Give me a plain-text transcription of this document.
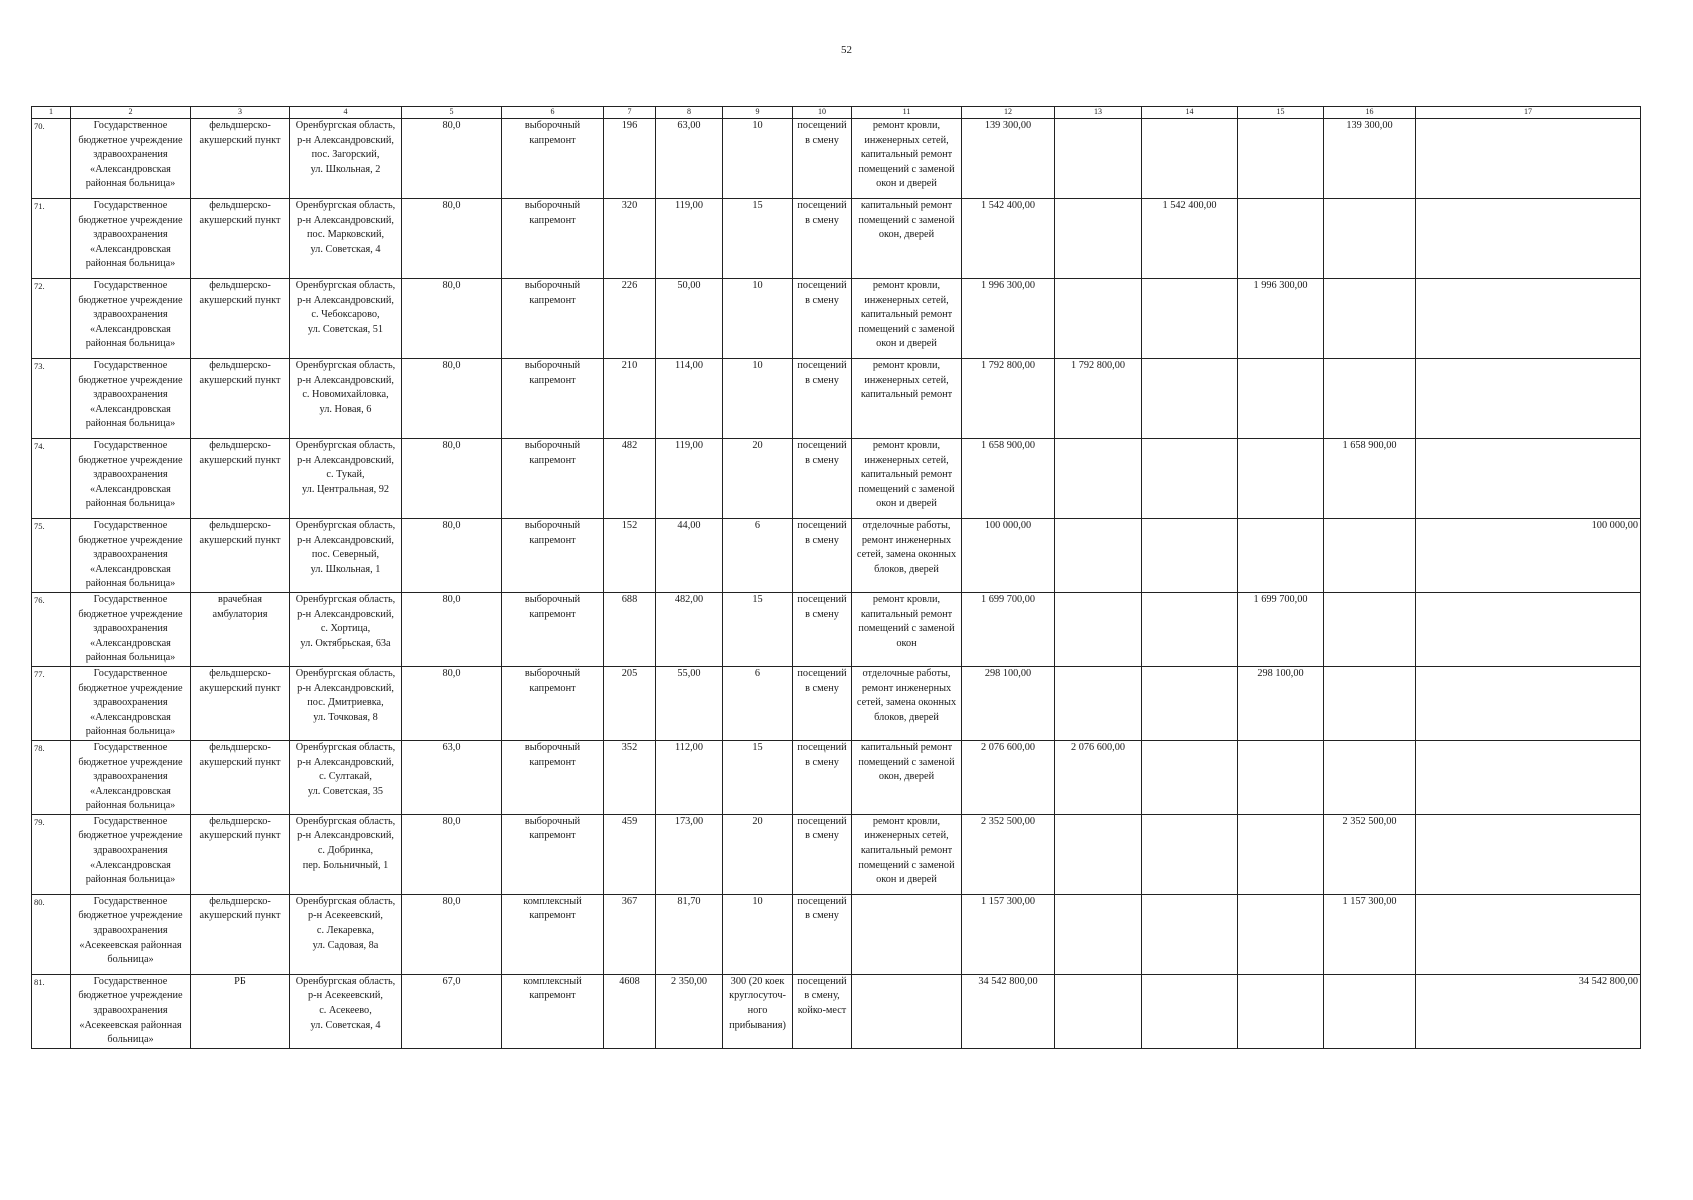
52
1	2	3	4	5	6	7	8	9	10	11	12	13	14	15	16	17
70.	Государственное
бюджетное учреждение
здравоохранения
«Александровская
районная больница»	фельдшерско-
акушерский пункт	Оренбургская область,
р-н Александровский,
пос. Загорский,
ул. Школьная, 2	80,0	выборочный
капремонт	196	63,00	10	посещений
в смену	ремонт кровли,
инженерных сетей,
капитальный ремонт
помещений с заменой
окон и дверей	139 300,00				139 300,00	
71.	Государственное
бюджетное учреждение
здравоохранения
«Александровская
районная больница»	фельдшерско-
акушерский пункт	Оренбургская область,
р-н Александровский,
пос. Марковский,
ул. Советская, 4	80,0	выборочный
капремонт	320	119,00	15	посещений
в смену	капитальный ремонт
помещений с заменой
окон, дверей	1 542 400,00		1 542 400,00			
72.	Государственное
бюджетное учреждение
здравоохранения
«Александровская
районная больница»	фельдшерско-
акушерский пункт	Оренбургская область,
р-н Александровский,
с. Чебоксарово,
ул. Советская, 51	80,0	выборочный
капремонт	226	50,00	10	посещений
в смену	ремонт кровли,
инженерных сетей,
капитальный ремонт
помещений с заменой
окон и дверей	1 996 300,00			1 996 300,00		
73.	Государственное
бюджетное учреждение
здравоохранения
«Александровская
районная больница»	фельдшерско-
акушерский пункт	Оренбургская область,
р-н Александровский,
с. Новомихайловка,
ул. Новая, 6	80,0	выборочный
капремонт	210	114,00	10	посещений
в смену	ремонт кровли,
инженерных сетей,
капитальный ремонт	1 792 800,00	1 792 800,00				
74.	Государственное
бюджетное учреждение
здравоохранения
«Александровская
районная больница»	фельдшерско-
акушерский пункт	Оренбургская область,
р-н Александровский,
с. Тукай,
ул. Центральная, 92	80,0	выборочный
капремонт	482	119,00	20	посещений
в смену	ремонт кровли,
инженерных сетей,
капитальный ремонт
помещений с заменой
окон и дверей	1 658 900,00				1 658 900,00	
75.	Государственное
бюджетное учреждение
здравоохранения
«Александровская
районная больница»	фельдшерско-
акушерский пункт	Оренбургская область,
р-н Александровский,
пос. Северный,
ул. Школьная, 1	80,0	выборочный
капремонт	152	44,00	6	посещений
в смену	отделочные работы,
ремонт инженерных
сетей, замена оконных
блоков, дверей	100 000,00					100 000,00
76.	Государственное
бюджетное учреждение
здравоохранения
«Александровская
районная больница»	врачебная
амбулатория	Оренбургская область,
р-н Александровский,
с. Хортица,
ул. Октябрьская, 63а	80,0	выборочный
капремонт	688	482,00	15	посещений
в смену	ремонт кровли,
капитальный ремонт
помещений с заменой
окон	1 699 700,00			1 699 700,00		
77.	Государственное
бюджетное учреждение
здравоохранения
«Александровская
районная больница»	фельдшерско-
акушерский пункт	Оренбургская область,
р-н Александровский,
пос. Дмитриевка,
ул. Точковая, 8	80,0	выборочный
капремонт	205	55,00	6	посещений
в смену	отделочные работы,
ремонт инженерных
сетей, замена оконных
блоков, дверей	298 100,00			298 100,00		
78.	Государственное
бюджетное учреждение
здравоохранения
«Александровская
районная больница»	фельдшерско-
акушерский пункт	Оренбургская область,
р-н Александровский,
с. Султакай,
ул. Советская, 35	63,0	выборочный
капремонт	352	112,00	15	посещений
в смену	капитальный ремонт
помещений с заменой
окон, дверей	2 076 600,00	2 076 600,00				
79.	Государственное
бюджетное учреждение
здравоохранения
«Александровская
районная больница»	фельдшерско-
акушерский пункт	Оренбургская область,
р-н Александровский,
с. Добринка,
пер. Больничный, 1	80,0	выборочный
капремонт	459	173,00	20	посещений
в смену	ремонт кровли,
инженерных сетей,
капитальный ремонт
помещений с заменой
окон и дверей	2 352 500,00				2 352 500,00	
80.	Государственное
бюджетное учреждение
здравоохранения
«Асекеевская районная
больница»	фельдшерско-
акушерский пункт	Оренбургская область,
р-н Асекеевский,
с. Лекаревка,
ул. Садовая, 8а	80,0	комплексный
капремонт	367	81,70	10	посещений
в смену		1 157 300,00				1 157 300,00	
81.	Государственное
бюджетное учреждение
здравоохранения
«Асекеевская районная
больница»	РБ	Оренбургская область,
р-н Асекеевский,
с. Асекеево,
ул. Советская, 4	67,0	комплексный
капремонт	4608	2 350,00	300 (20 коек
круглосуточ-
ного
прибывания)	посещений
в смену,
койко-мест		34 542 800,00					34 542 800,00
